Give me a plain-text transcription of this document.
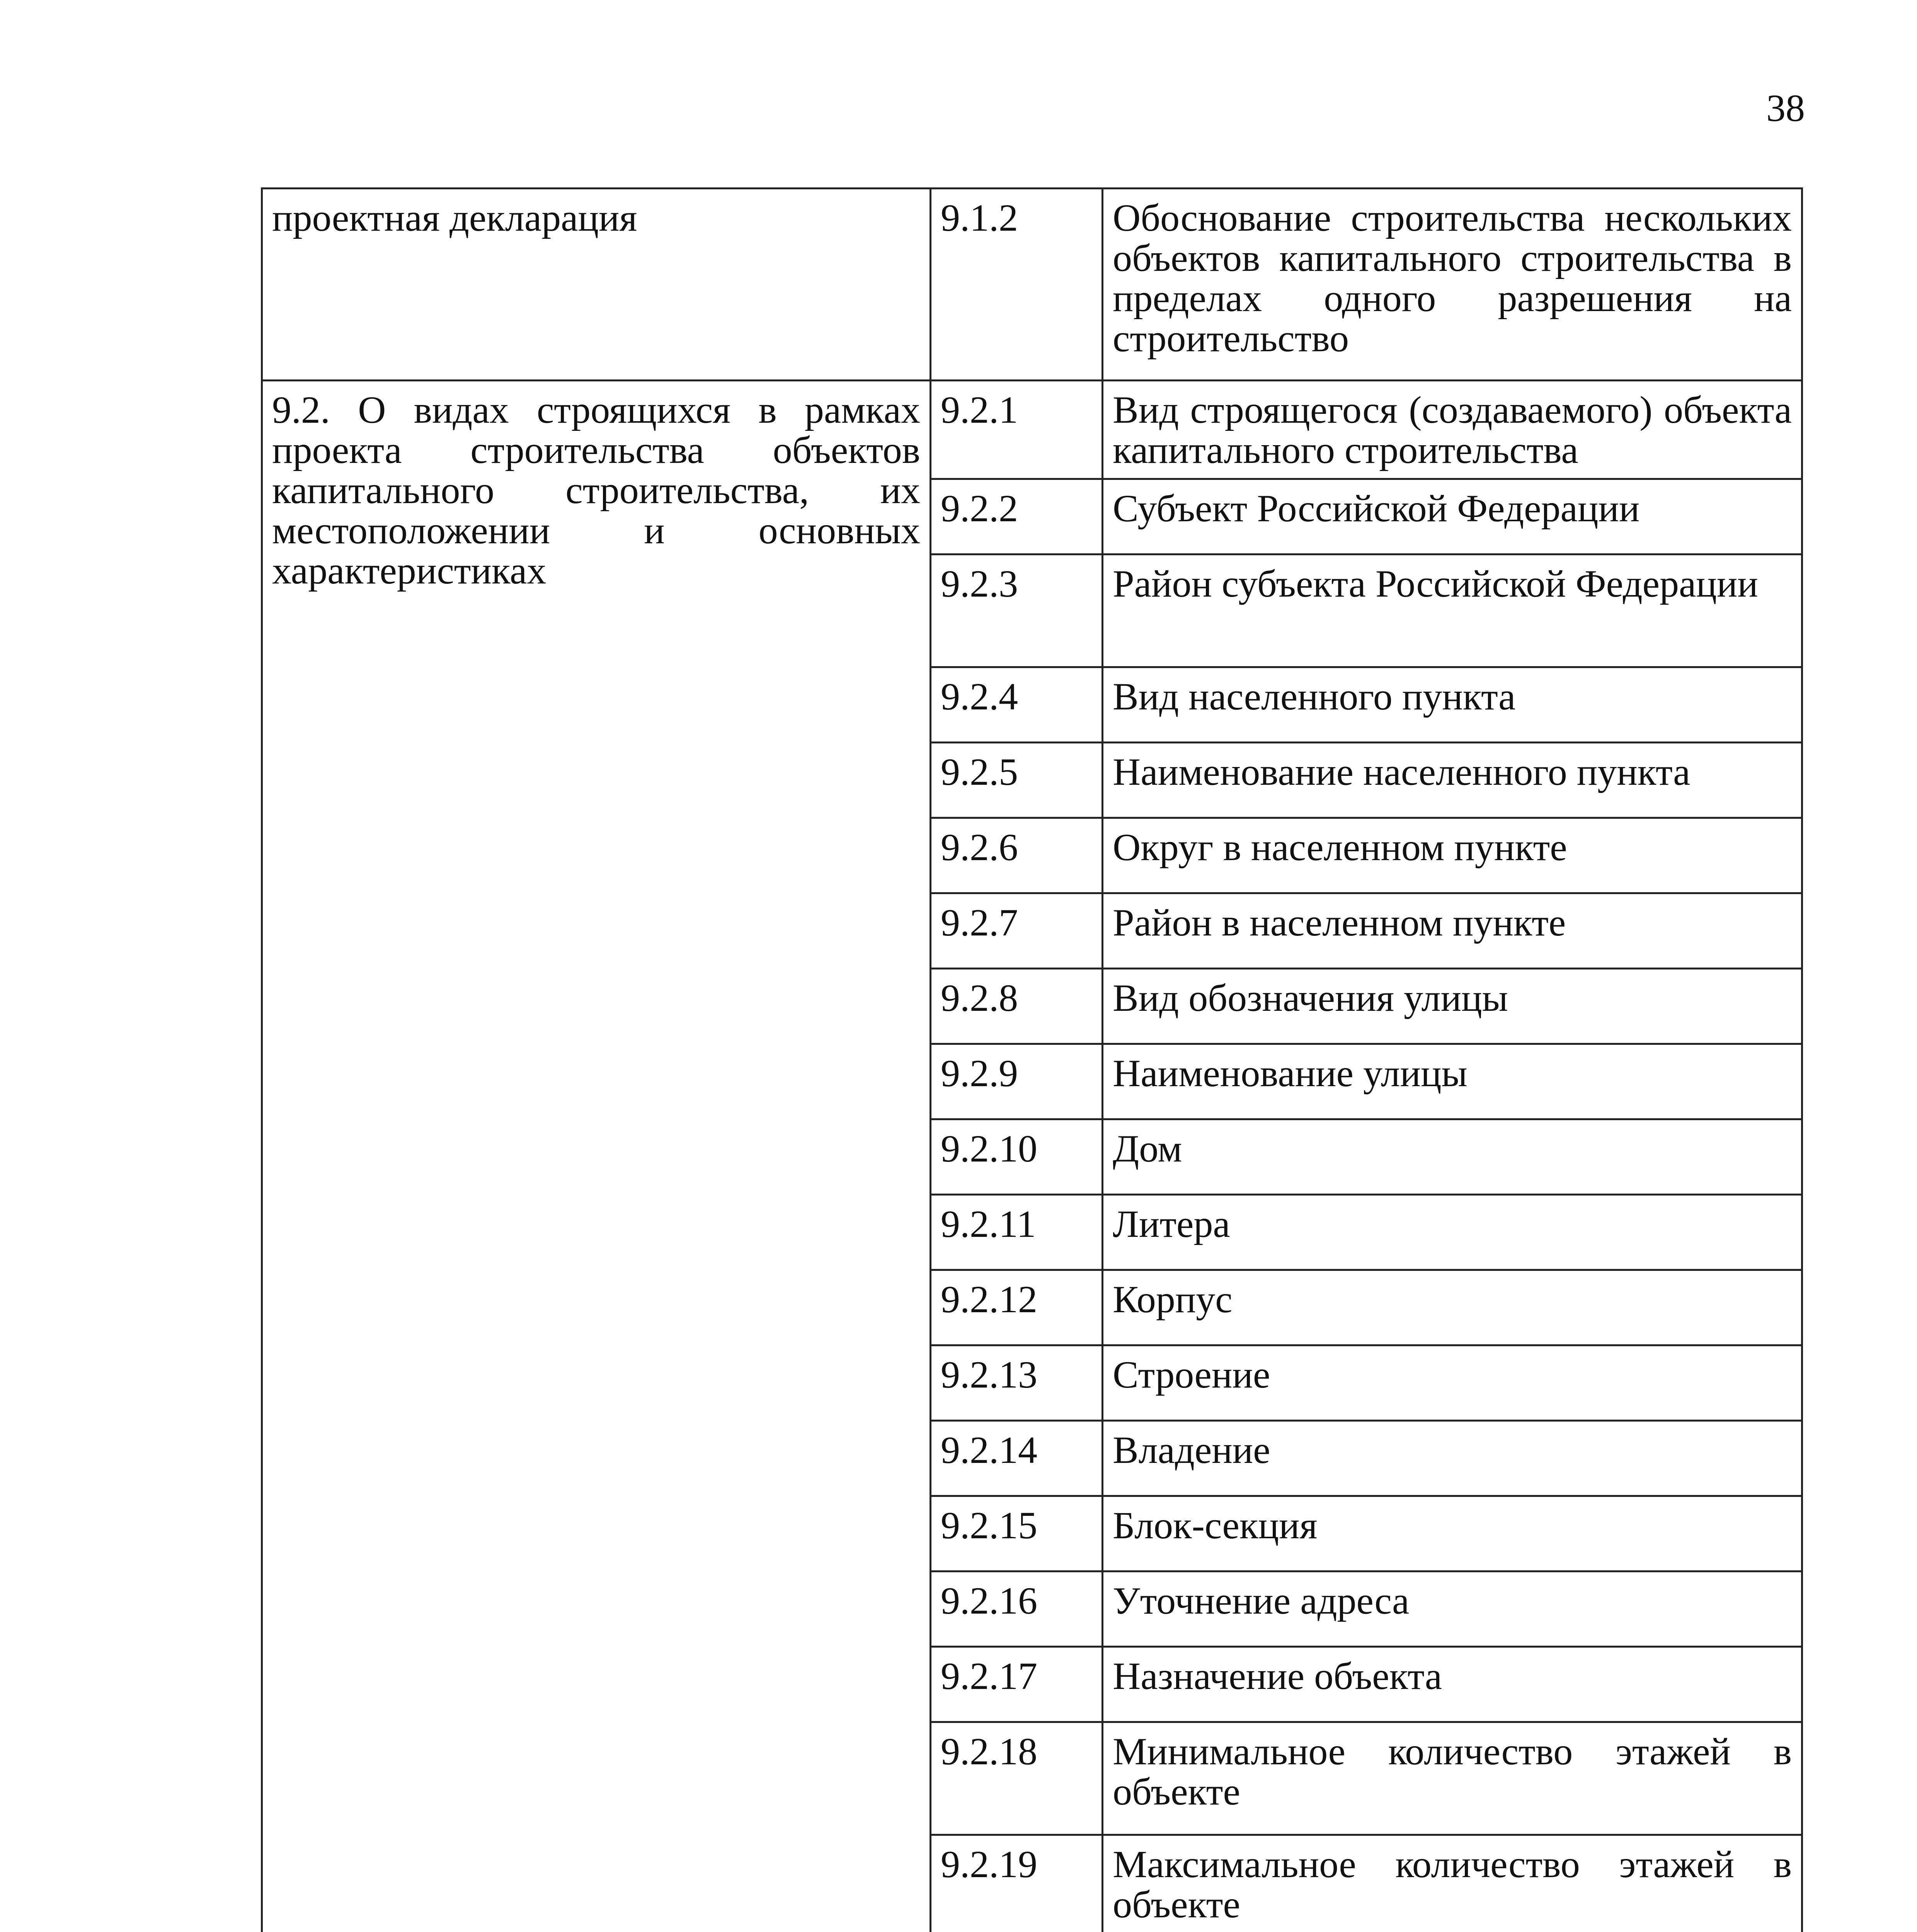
38
проектная декларация	9.1.2	Обоснование строительства нескольких объектов капитального строительства в пределах одного разрешения на строительство

9.2. О видах строящихся в рамках проекта строительства объектов капитального строительства, их местоположении и основных характеристиках	9.2.1	Вид строящегося (создаваемого) объекта капитального строительства

	9.2.2	Субъект Российской Федерации

	9.2.3	Район субъекта Российской Федерации

	9.2.4	Вид населенного пункта

	9.2.5	Наименование населенного пункта

	9.2.6	Округ в населенном пункте

	9.2.7	Район в населенном пункте

	9.2.8	Вид обозначения улицы

	9.2.9	Наименование улицы

	9.2.10	Дом

	9.2.11	Литера

	9.2.12	Корпус

	9.2.13	Строение

	9.2.14	Владение

	9.2.15	Блок-секция

	9.2.16	Уточнение адреса

	9.2.17	Назначение объекта

	9.2.18	Минимальное количество этажей в объекте

	9.2.19	Максимальное количество этажей в объекте
